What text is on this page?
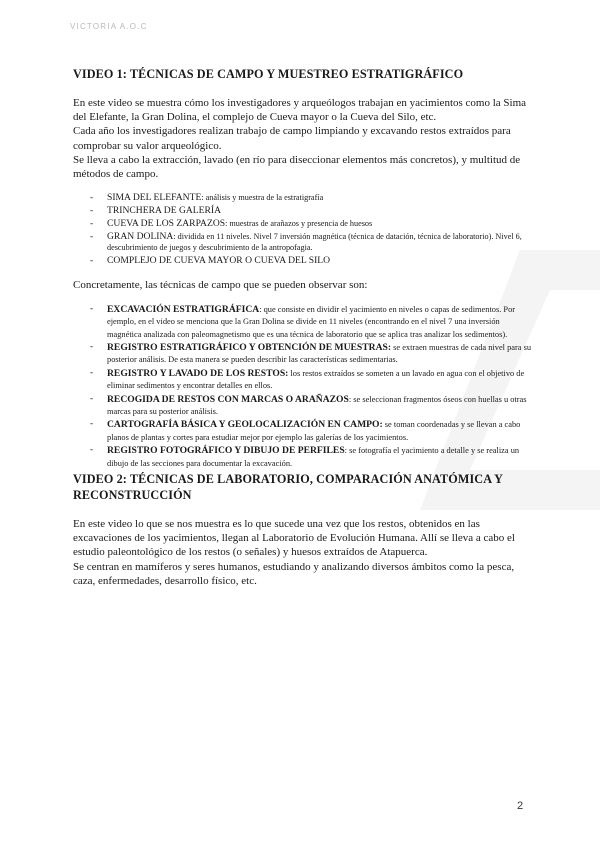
VICTORIA A.O.C
VIDEO 1: TÉCNICAS DE CAMPO Y MUESTREO ESTRATIGRÁFICO

En este video se muestra cómo los investigadores y arqueólogos trabajan en yacimientos como la Sima del Elefante, la Gran Dolina, el complejo de Cueva mayor o la Cueva del Silo, etc.

Cada año los investigadores realizan trabajo de campo limpiando y excavando restos extraídos para comprobar su valor arqueológico.

Se lleva a cabo la extracción, lavado (en río para diseccionar elementos más concretos), y multitud de métodos de campo.

- SIMA DEL ELEFANTE: análisis y muestra de la estratigrafía
- TRINCHERA DE GALERÍA
- CUEVA DE LOS ZARPAZOS: muestras de arañazos y presencia de huesos
- GRAN DOLINA: dividida en 11 niveles. Nivel 7 inversión magnética (técnica de datación, técnica de laboratorio). Nivel 6, descubrimiento de juegos y descubrimiento de la antropofagia.
- COMPLEJO DE CUEVA MAYOR O CUEVA DEL SILO

Concretamente, las técnicas de campo que se pueden observar son:

- EXCAVACIÓN ESTRATIGRÁFICA: que consiste en dividir el yacimiento en niveles o capas de sedimentos. Por ejemplo, en el video se menciona que la Gran Dolina se divide en 11 niveles (encontrando en el nivel 7 una inversión magnética analizada con paleomagnetismo que es una técnica de laboratorio que se aplica tras analizar los sedimentos).
- REGISTRO ESTRATIGRÁFICO Y OBTENCIÓN DE MUESTRAS: se extraen muestras de cada nivel para su posterior análisis. De esta manera se pueden describir las características sedimentarias.
- REGISTRO Y LAVADO DE LOS RESTOS: los restos extraídos se someten a un lavado en agua con el objetivo de eliminar sedimentos y encontrar detalles en ellos.
- RECOGIDA DE RESTOS CON MARCAS O ARAÑAZOS: se seleccionan fragmentos óseos con huellas u otras marcas para su posterior análisis.
- CARTOGRAFÍA BÁSICA Y GEOLOCALIZACIÓN EN CAMPO: se toman coordenadas y se llevan a cabo planos de plantas y cortes para estudiar mejor por ejemplo las galerías de los yacimientos.
- REGISTRO FOTOGRÁFICO Y DIBUJO DE PERFILES: se fotografía el yacimiento a detalle y se realiza un dibujo de las secciones para documentar la excavación.
VIDEO 2: TÉCNICAS DE LABORATORIO, COMPARACIÓN ANATÓMICA Y RECONSTRUCCIÓN

En este video lo que se nos muestra es lo que sucede una vez que los restos, obtenidos en las excavaciones de los yacimientos, llegan al Laboratorio de Evolución Humana. Allí se lleva a cabo el estudio paleontológico de los restos (o señales) y huesos extraídos de Atapuerca.

Se centran en mamíferos y seres humanos, estudiando y analizando diversos ámbitos como la pesca, caza, enfermedades, desarrollo físico, etc.

2
